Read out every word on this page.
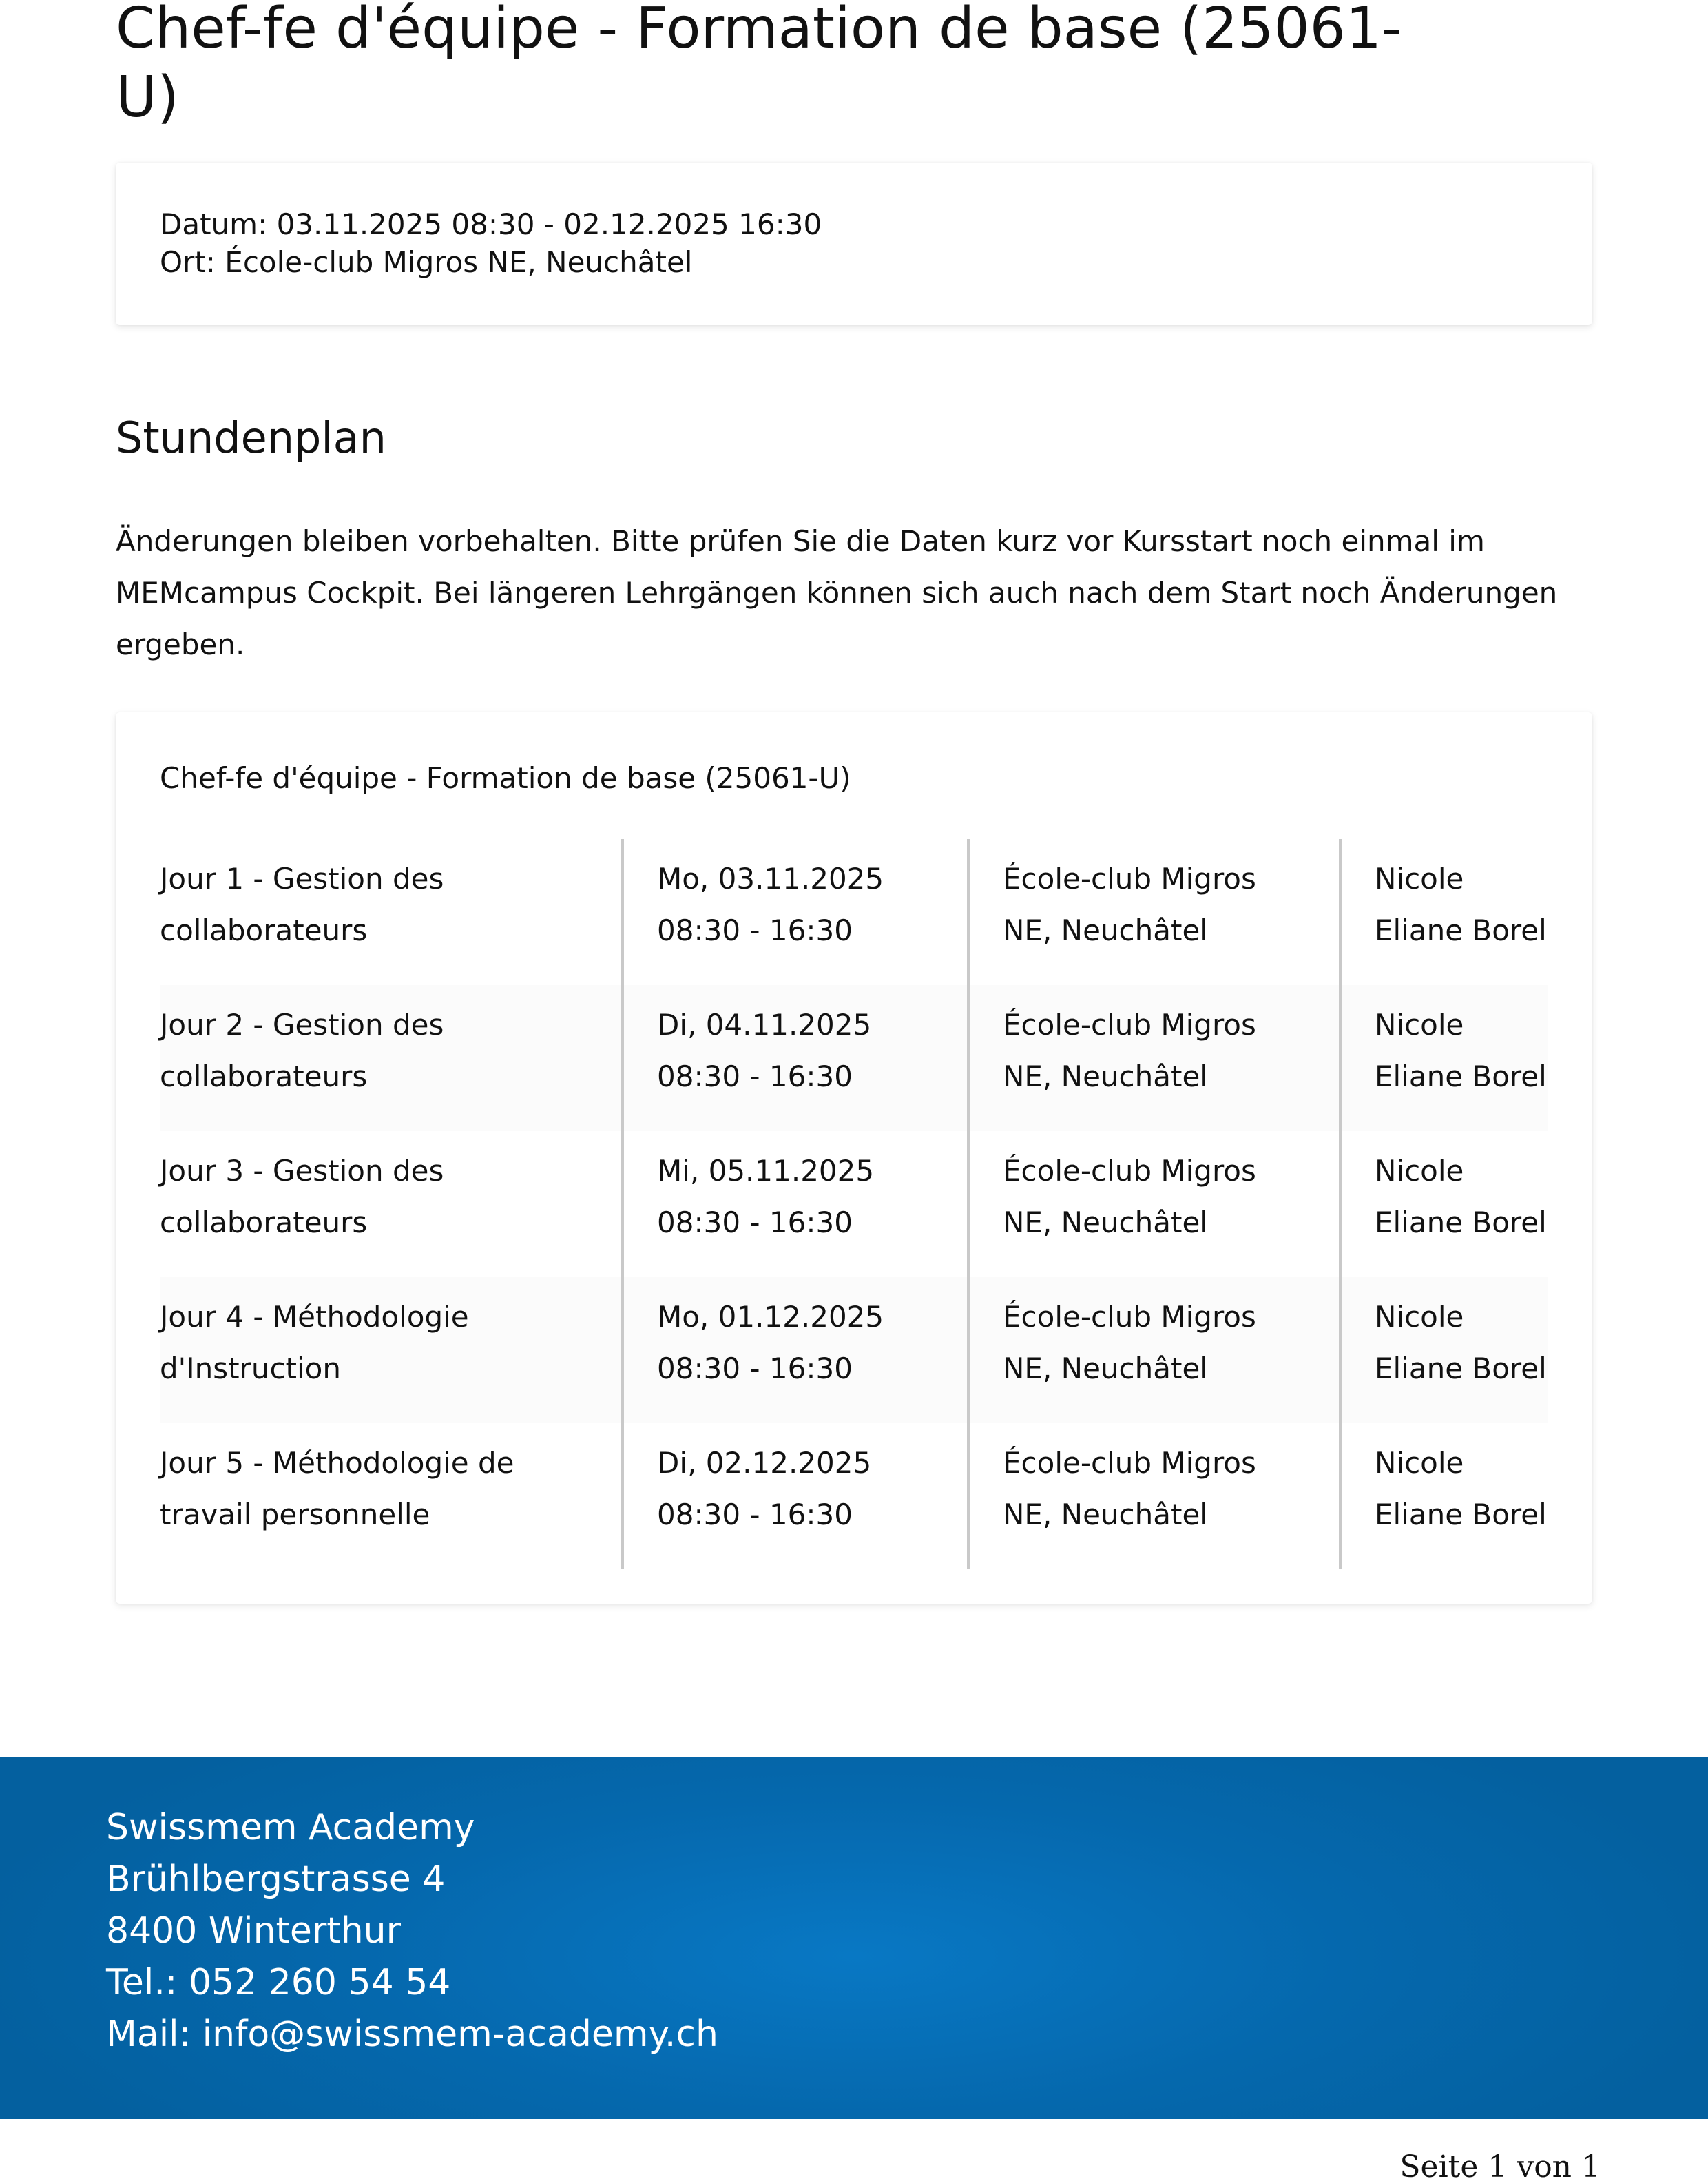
Chef-fe d'équipe - Formation de base (25061-U)
Datum: 03.11.2025 08:30 - 02.12.2025 16:30
Ort: École-club Migros NE, Neuchâtel
Stundenplan

Änderungen bleiben vorbehalten. Bitte prüfen Sie die Daten kurz vor Kursstart noch einmal im MEMcampus Cockpit. Bei längeren Lehrgängen können sich auch nach dem Start noch Änderungen ergeben.

Chef-fe d'équipe - Formation de base (25061-U)
Jour 1 - Gestion des
collaborateurs
Mo, 03.11.2025
08:30 - 16:30
École-club Migros
NE, Neuchâtel
Nicole
Eliane Borel
Jour 2 - Gestion des
collaborateurs
Di, 04.11.2025
08:30 - 16:30
École-club Migros
NE, Neuchâtel
Nicole
Eliane Borel
Jour 3 - Gestion des
collaborateurs
Mi, 05.11.2025
08:30 - 16:30
École-club Migros
NE, Neuchâtel
Nicole
Eliane Borel
Jour 4 - Méthodologie
d'Instruction
Mo, 01.12.2025
08:30 - 16:30
École-club Migros
NE, Neuchâtel
Nicole
Eliane Borel
Jour 5 - Méthodologie de
travail personnelle
Di, 02.12.2025
08:30 - 16:30
École-club Migros
NE, Neuchâtel
Nicole
Eliane Borel
Swissmem Academy
Brühlbergstrasse 4
8400 Winterthur
Tel.: 052 260 54 54
Mail: info@swissmem-academy.ch
Seite 1 von 1
